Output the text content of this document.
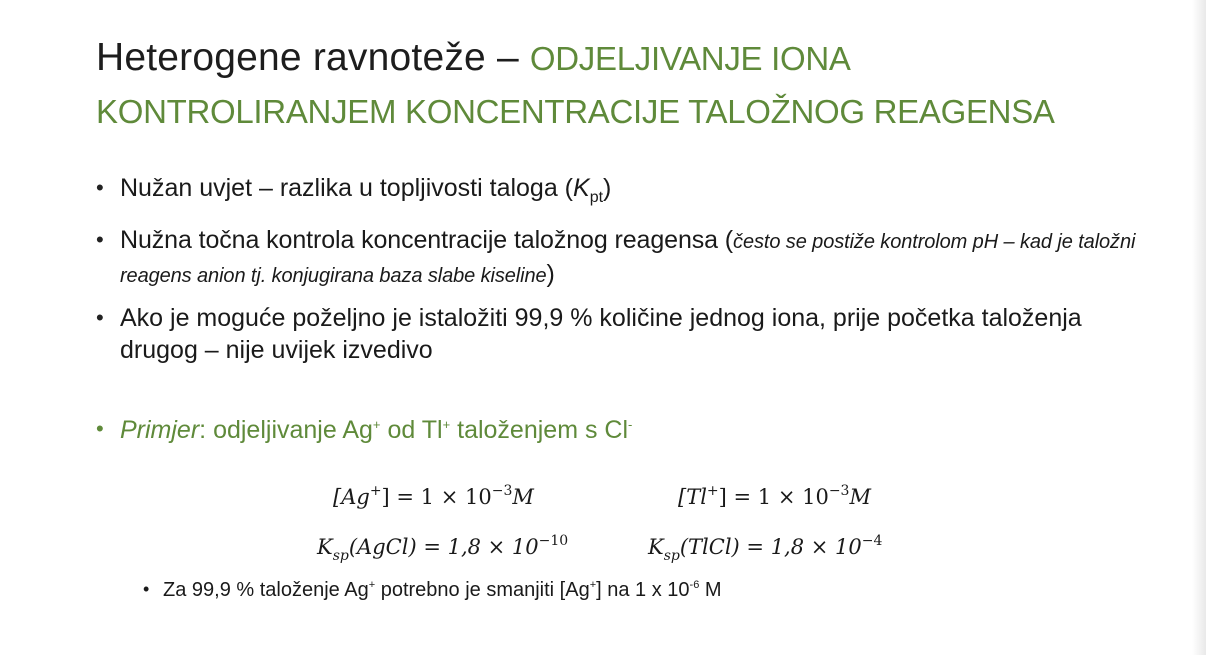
Heterogene ravnoteže – ODJELJIVANJE IONA
KONTROLIRANJEM KONCENTRACIJE TALOŽNOG REAGENSA
• Nužan uvjet – razlika u topljivosti taloga $(K_{pt})$
• Nužna točna kontrola koncentracije taložnog reagensa (često se postiže kontrolom pH – kad je taložni reagens anion tj. konjugirana baza slabe kiseline)
• Ako je moguće poželjno je istaložiti 99,9 % količine jednog iona, prije početka taloženja drugog – nije uvijek izvedivo
• Primjer: odjeljivanje Ag+ od Tl+ taloženjem s Cl-
$[Ag^+] = 1 \times 10^{-3}M$	$[Tl^+] = 1 \times 10^{-3}M$
$K_{sp}(AgCl) = 1,8 \times 10^{-10}$	$K_{sp}(TlCl) = 1,8 \times 10^{-4}$
• Za 99,9 % taloženje Ag+ potrebno je smanjiti [Ag+] na 1 x $10^{-6}$ M
